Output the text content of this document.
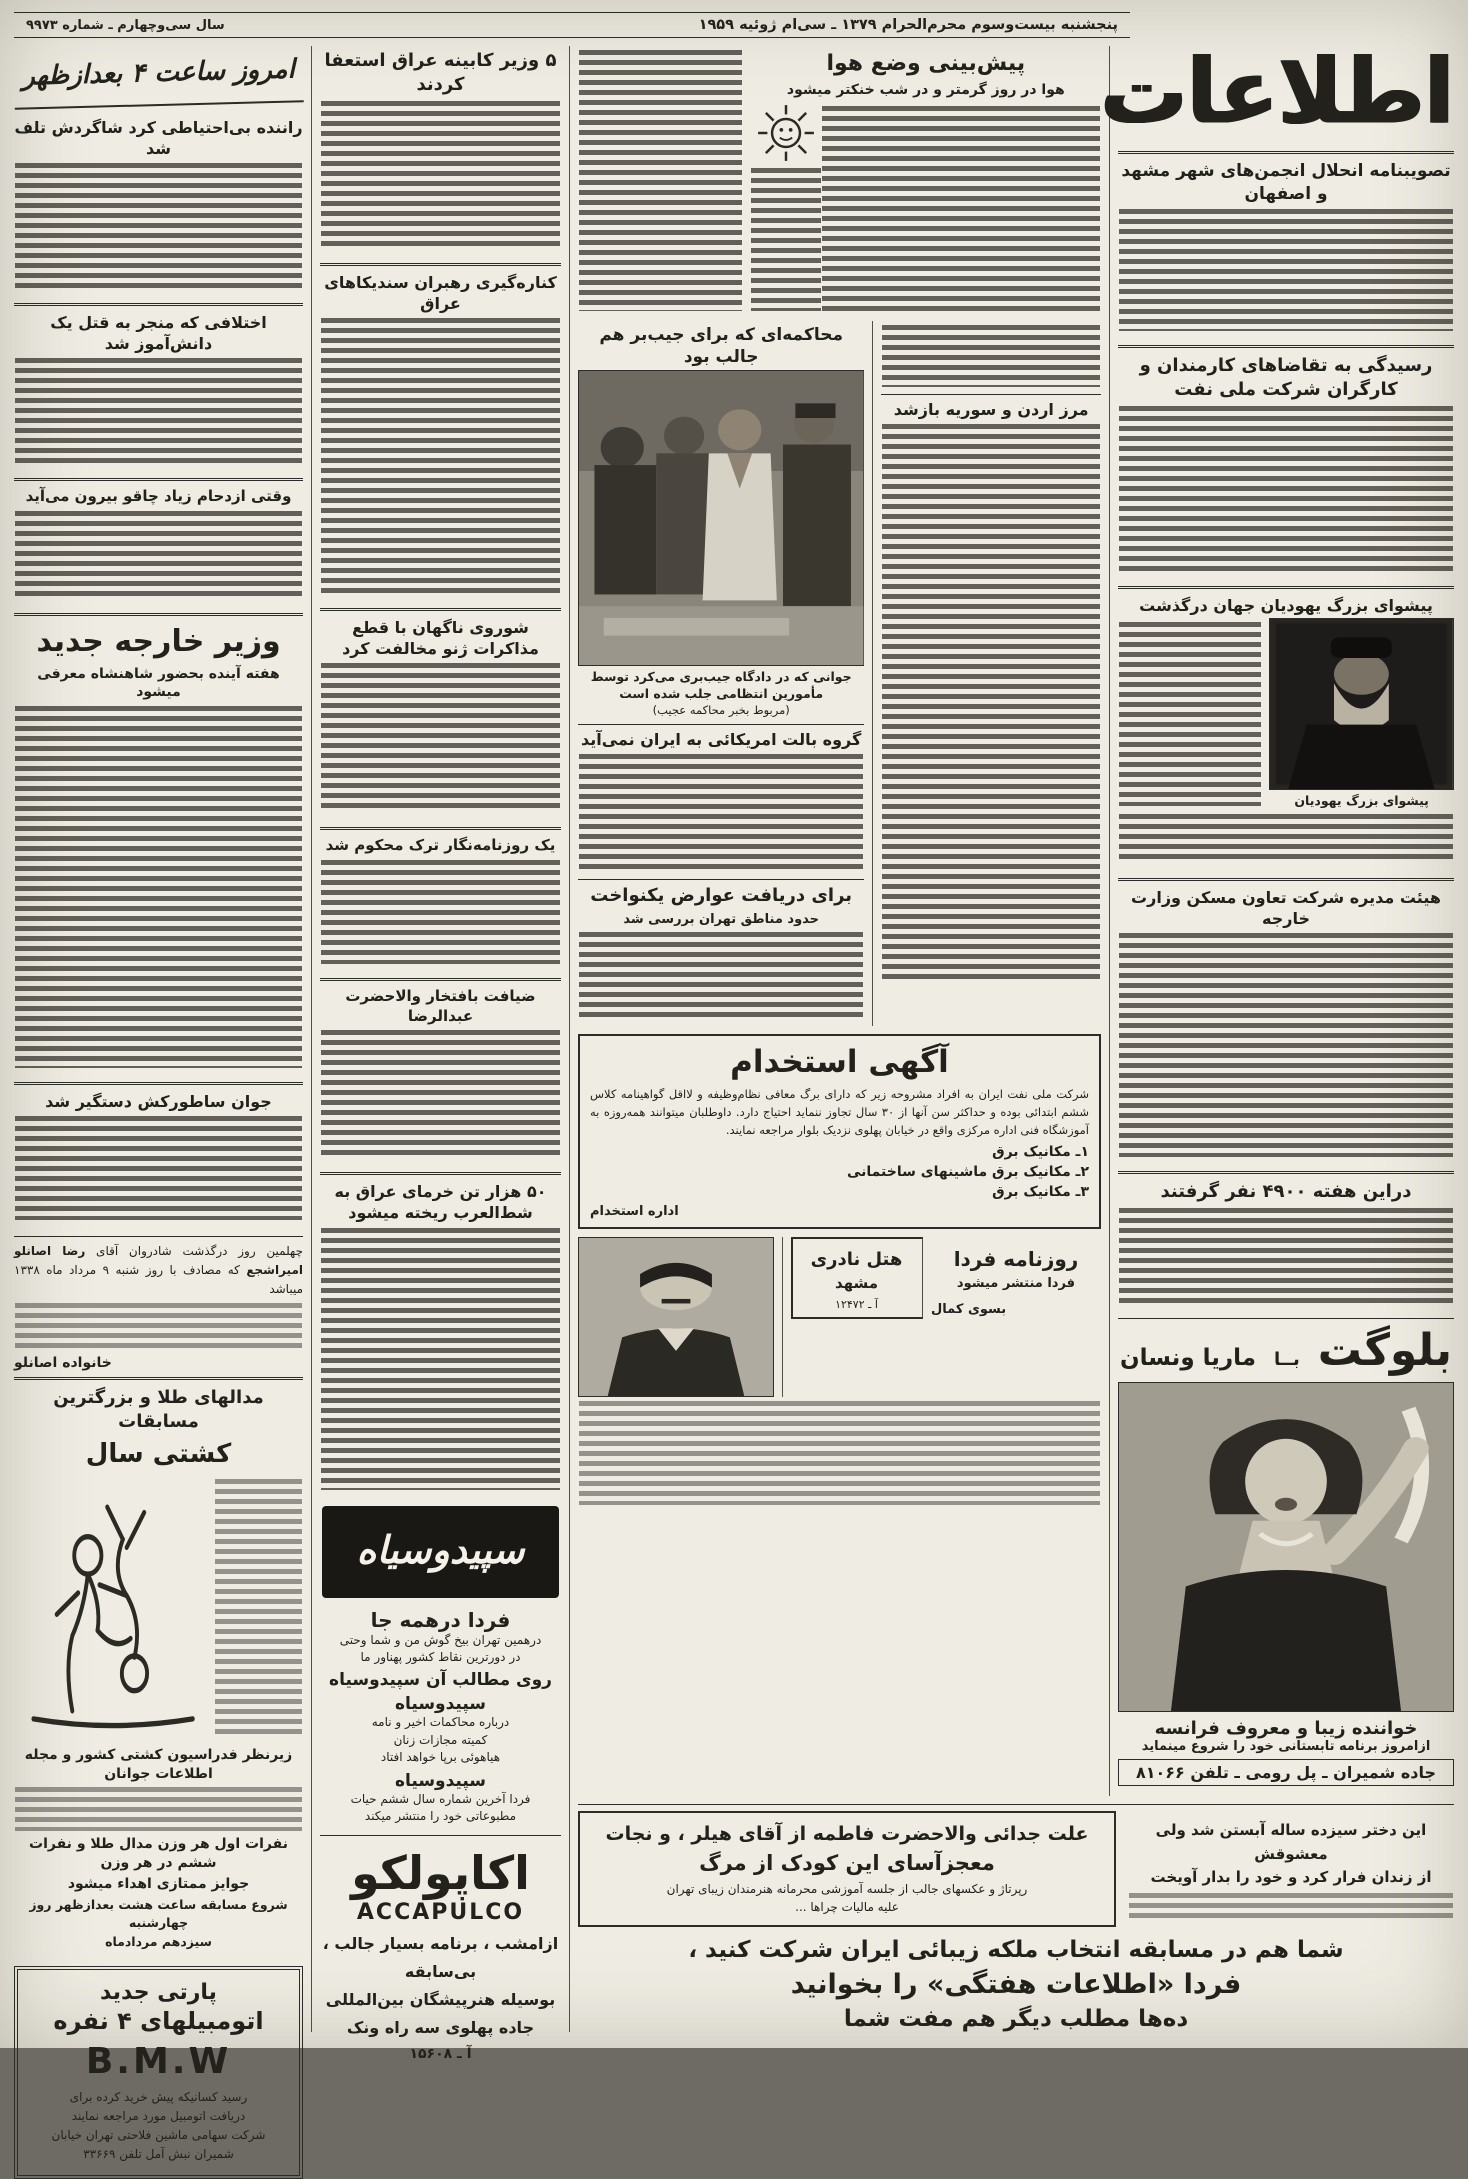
پنجشنبه بیست‌وسوم محرم‌الحرام ۱۳۷۹ ـ سی‌ام ژوئیه ۱۹۵۹
سال سی‌وچهارم ـ شماره ۹۹۷۳
اطلاعات
تصویبنامه انحلال انجمن‌های شهر مشهد و اصفهان
رسیدگی به تقاضاهای کارمندان و کارگران شرکت ملی نفت
پیشوای بزرگ یهودیان جهان درگذشت
پیشوای بزرگ یهودیان
هیئت مدیره شرکت تعاون مسکن وزارت خارجه
دراین هفته ۴۹۰۰ نفر گرفتند
بلوگت
بــا
ماریا ونسان
خواننده زیبا و معروف فرانسه
ازامروز برنامه تابستانی خود را شروع مینماید
جاده شمیران ـ پل رومی ـ تلفن ۸۱۰۶۶
پیش‌بینی وضع هوا
هوا در روز گرمتر و در شب خنکتر میشود
مرز اردن و سوریه بازشد
محاکمه‌ای که برای جیب‌بر هم جالب بود
جوانی که در دادگاه جیب‌بری می‌کرد توسط مأمورین انتظامی جلب شده است
(مربوط بخبر محاکمه عجیب)
گروه بالت امریکائی به ایران نمی‌آید
برای دریافت عوارض یکنواخت
حدود مناطق تهران بررسی شد
آگهی استخدام

شرکت ملی نفت ایران به افراد مشروحه زیر که دارای برگ معافی نظام‌وظیفه و لااقل گواهینامه کلاس ششم ابتدائی بوده و حداکثر سن آنها از ۳۰ سال تجاوز ننماید احتیاج دارد. داوطلبان میتوانند همه‌روزه به آموزشگاه فنی اداره مرکزی واقع در خیابان پهلوی نزدیک بلوار مراجعه نمایند.

۱ـ مکانیک برق
۲ـ مکانیک برق ماشینهای ساختمانی
۳ـ مکانیک برق
اداره استخدام
روزنامه فردا
فردا منتشر میشود
بسوی کمال
هتل نادری
مشهد
آ ـ ۱۲۴۷۲
این دختر سیزده ساله آبستن شد ولی معشوقش
از زندان فرار کرد و خود را بدار آویخت
علت جدائی والاحضرت فاطمه از آقای هیلر ، و نجات
معجزآسای این کودک از مرگ
رپرتاژ و عکسهای جالب از جلسه آموزشی محرمانه هنرمندان زیبای تهران
علیه مالیات چراها ...
شما هم در مسابقه انتخاب ملکه زیبائی ایران شرکت کنید ،
فردا «اطلاعات هفتگی» را بخوانید
ده‌ها مطلب دیگر هم مفت شما
۵ وزیر کابینه عراق استعفا کردند
کناره‌گیری رهبران سندیکاهای عراق
شوروی ناگهان با قطع مذاکرات ژنو مخالفت کرد
یک روزنامه‌نگار ترک محکوم شد
ضیافت بافتخار والاحضرت عبدالرضا
۵۰ هزار تن خرمای عراق به شط‌العرب ریخته میشود
سپیدوسیاه
فردا درهمه جا
درهمین تهران بیخ گوش من و شما وحتی
در دورترین نقاط کشور پهناور ما
روی مطالب آن سپیدوسیاه
سپیدوسیاه
درباره محاکمات اخیر و نامه
کمیته مجازات زنان
هیاهوئی برپا خواهد افتاد
سپیدوسیاه
فردا آخرین شماره سال ششم حیات
مطبوعاتی خود را منتشر میکند
اکاپولکو
ACCAPULCO
ازامشب ، برنامه بسیار جالب ،
بی‌سابقه
بوسیله هنرپیشگان بین‌المللی
جاده پهلوی سه راه ونک
آ ـ ۱۵۶۰۸
امروز ساعت ۴ بعدازظهر
راننده بی‌احتیاطی کرد شاگردش تلف شد
اختلافی که منجر به قتل یک دانش‌آموز شد
وقتی ازدحام زیاد چاقو بیرون می‌آید
وزیر خارجه جدید
هفته آینده بحضور شاهنشاه معرفی میشود
جوان ساطورکش دستگیر شد

چهلمین روز درگذشت شادروان آقای رضا اصانلو امیراشجع که مصادف با روز شنبه ۹ مرداد ماه ۱۳۳۸ میباشد

خانواده اصانلو
مدالهای طلا و بزرگترین مسابقات
کشتی سال
زیرنظر فدراسیون کشتی کشور و مجله اطلاعات جوانان
نفرات اول هر وزن مدال طلا و نفرات ششم در هر وزن
جوایز ممتازی اهداء میشود
شروع مسابقه ساعت هشت بعدازظهر روز چهارشنبه
سیزدهم مردادماه
پارتی جدید
اتومبیلهای ۴ نفره
B.M.W
رسید کسانیکه پیش خرید کرده برای
دریافت اتومبیل مورد مراجعه نمایند
شرکت سهامی ماشین فلاحتی تهران خیابان
شمیران نبش آمل تلفن ۳۳۶۶۹
